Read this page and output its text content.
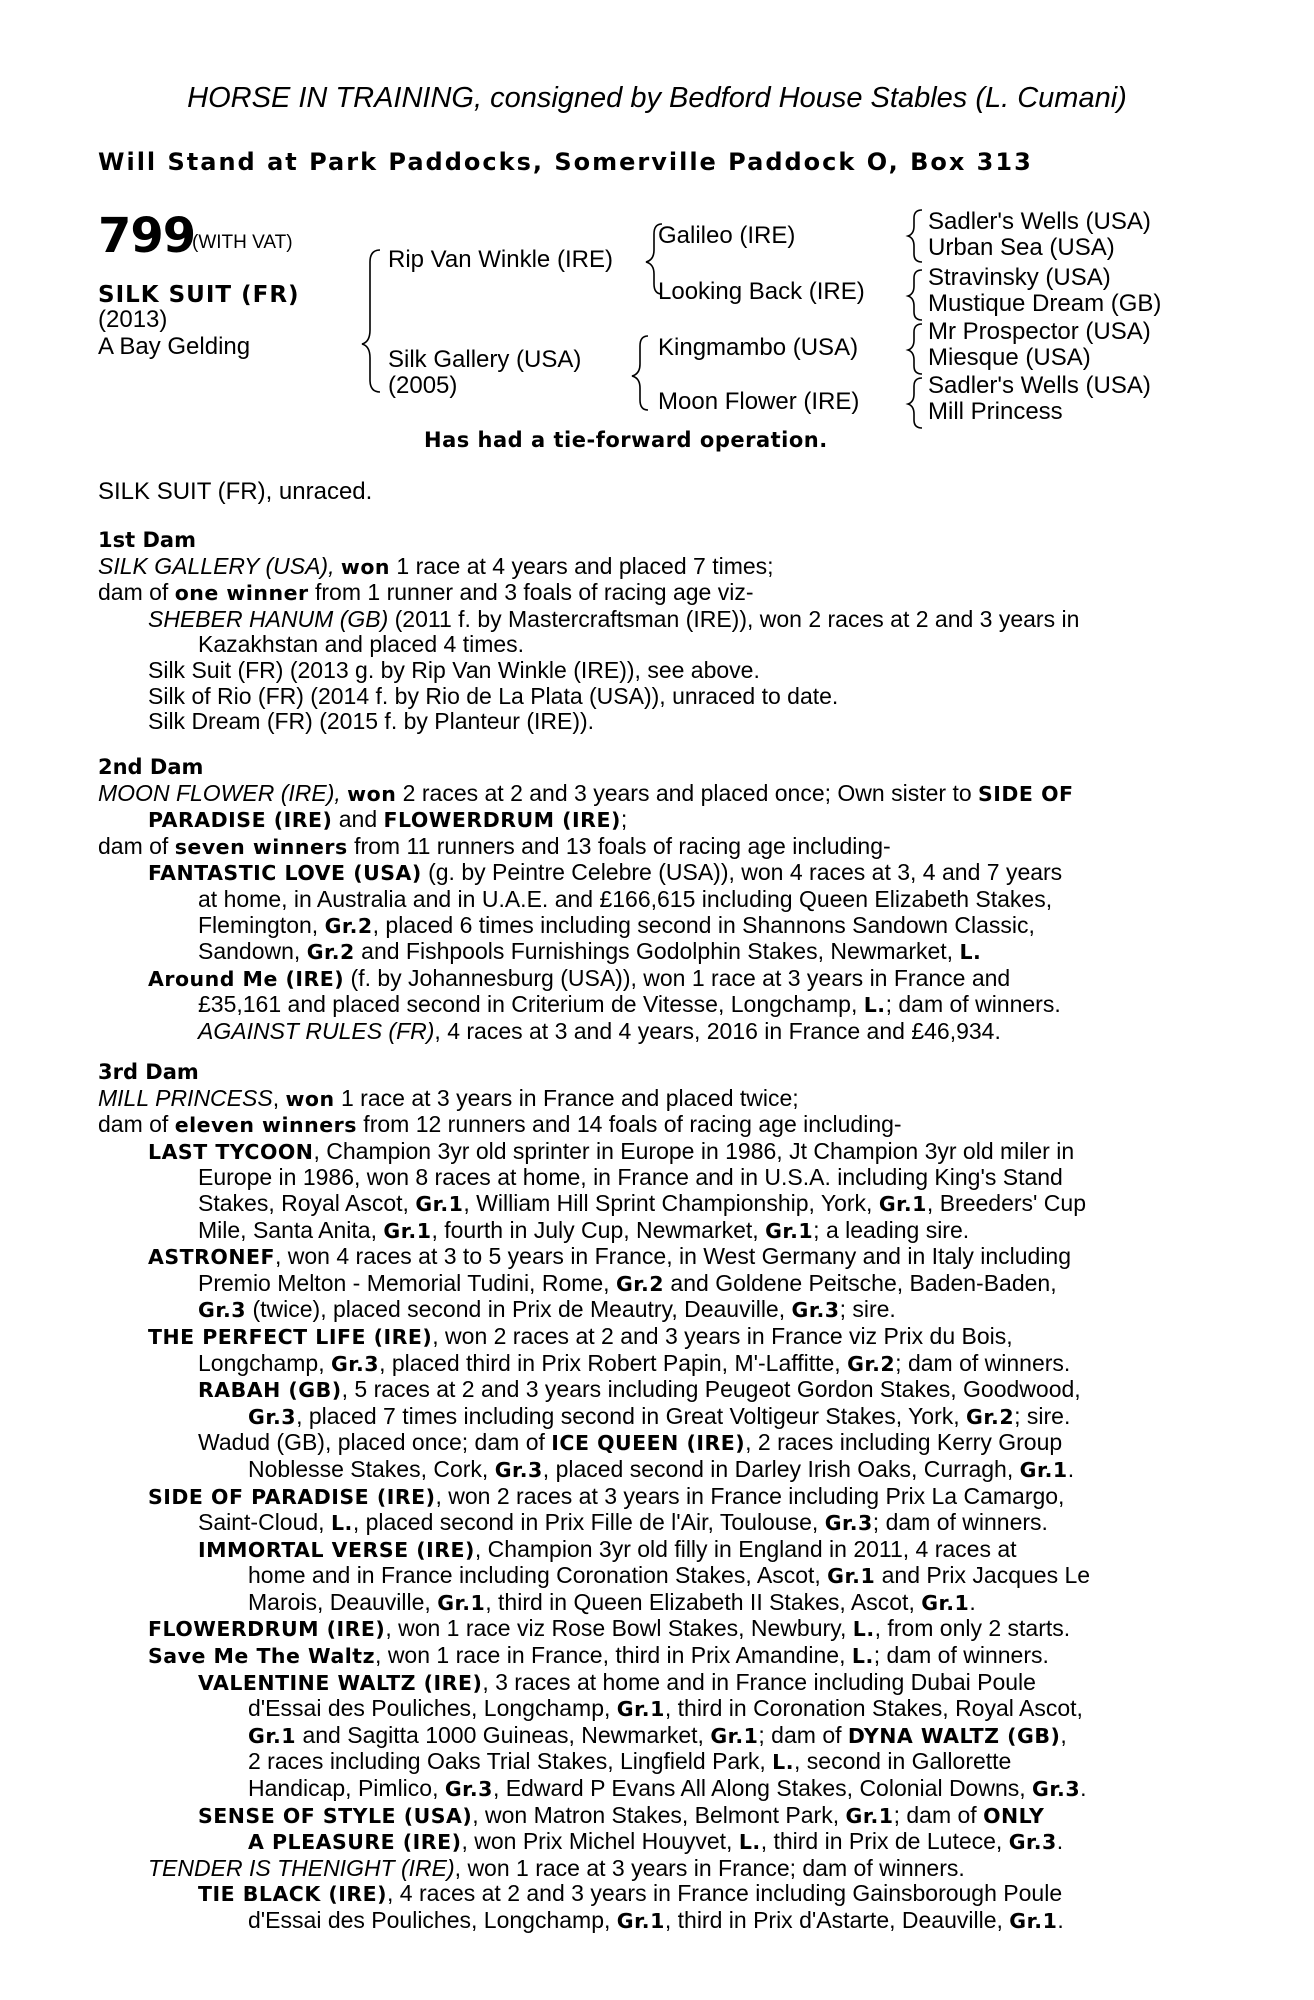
HORSE IN TRAINING, consigned by Bedford House Stables (L. Cumani)
Will Stand at Park Paddocks, Somerville Paddock O, Box 313
799
(WITH VAT)
SILK SUIT (FR)
(2013)
A Bay Gelding
Rip Van Winkle (IRE)
Silk Gallery (USA)
(2005)
Galileo (IRE)
Looking Back (IRE)
Kingmambo (USA)
Moon Flower (IRE)
Sadler's Wells (USA)
Urban Sea (USA)
Stravinsky (USA)
Mustique Dream (GB)
Mr Prospector (USA)
Miesque (USA)
Sadler's Wells (USA)
Mill Princess
Has had a tie-forward operation.
SILK SUIT (FR), unraced.

1st Dam

SILK GALLERY (USA), won 1 race at 4 years and placed 7 times;

dam of one winner from 1 runner and 3 foals of racing age viz-

SHEBER HANUM (GB) (2011 f. by Mastercraftsman (IRE)), won 2 races at 2 and 3 years in

Kazakhstan and placed 4 times.

Silk Suit (FR) (2013 g. by Rip Van Winkle (IRE)), see above.

Silk of Rio (FR) (2014 f. by Rio de La Plata (USA)), unraced to date.

Silk Dream (FR) (2015 f. by Planteur (IRE)).

2nd Dam

MOON FLOWER (IRE), won 2 races at 2 and 3 years and placed once; Own sister to SIDE OF

PARADISE (IRE) and FLOWERDRUM (IRE);

dam of seven winners from 11 runners and 13 foals of racing age including-

FANTASTIC LOVE (USA) (g. by Peintre Celebre (USA)), won 4 races at 3, 4 and 7 years

at home, in Australia and in U.A.E. and £166,615 including Queen Elizabeth Stakes,

Flemington, Gr.2, placed 6 times including second in Shannons Sandown Classic,

Sandown, Gr.2 and Fishpools Furnishings Godolphin Stakes, Newmarket, L.

Around Me (IRE) (f. by Johannesburg (USA)), won 1 race at 3 years in France and

£35,161 and placed second in Criterium de Vitesse, Longchamp, L.; dam of winners.

AGAINST RULES (FR), 4 races at 3 and 4 years, 2016 in France and £46,934.

3rd Dam

MILL PRINCESS, won 1 race at 3 years in France and placed twice;

dam of eleven winners from 12 runners and 14 foals of racing age including-

LAST TYCOON, Champion 3yr old sprinter in Europe in 1986, Jt Champion 3yr old miler in

Europe in 1986, won 8 races at home, in France and in U.S.A. including King's Stand

Stakes, Royal Ascot, Gr.1, William Hill Sprint Championship, York, Gr.1, Breeders' Cup

Mile, Santa Anita, Gr.1, fourth in July Cup, Newmarket, Gr.1; a leading sire.

ASTRONEF, won 4 races at 3 to 5 years in France, in West Germany and in Italy including

Premio Melton - Memorial Tudini, Rome, Gr.2 and Goldene Peitsche, Baden-Baden,

Gr.3 (twice), placed second in Prix de Meautry, Deauville, Gr.3; sire.

THE PERFECT LIFE (IRE), won 2 races at 2 and 3 years in France viz Prix du Bois,

Longchamp, Gr.3, placed third in Prix Robert Papin, M'-Laffitte, Gr.2; dam of winners.

RABAH (GB), 5 races at 2 and 3 years including Peugeot Gordon Stakes, Goodwood,

Gr.3, placed 7 times including second in Great Voltigeur Stakes, York, Gr.2; sire.

Wadud (GB), placed once; dam of ICE QUEEN (IRE), 2 races including Kerry Group

Noblesse Stakes, Cork, Gr.3, placed second in Darley Irish Oaks, Curragh, Gr.1.

SIDE OF PARADISE (IRE), won 2 races at 3 years in France including Prix La Camargo,

Saint-Cloud, L., placed second in Prix Fille de l'Air, Toulouse, Gr.3; dam of winners.

IMMORTAL VERSE (IRE), Champion 3yr old filly in England in 2011, 4 races at

home and in France including Coronation Stakes, Ascot, Gr.1 and Prix Jacques Le

Marois, Deauville, Gr.1, third in Queen Elizabeth II Stakes, Ascot, Gr.1.

FLOWERDRUM (IRE), won 1 race viz Rose Bowl Stakes, Newbury, L., from only 2 starts.

Save Me The Waltz, won 1 race in France, third in Prix Amandine, L.; dam of winners.

VALENTINE WALTZ (IRE), 3 races at home and in France including Dubai Poule

d'Essai des Pouliches, Longchamp, Gr.1, third in Coronation Stakes, Royal Ascot,

Gr.1 and Sagitta 1000 Guineas, Newmarket, Gr.1; dam of DYNA WALTZ (GB),

2 races including Oaks Trial Stakes, Lingfield Park, L., second in Gallorette

Handicap, Pimlico, Gr.3, Edward P Evans All Along Stakes, Colonial Downs, Gr.3.

SENSE OF STYLE (USA), won Matron Stakes, Belmont Park, Gr.1; dam of ONLY

A PLEASURE (IRE), won Prix Michel Houyvet, L., third in Prix de Lutece, Gr.3.

TENDER IS THENIGHT (IRE), won 1 race at 3 years in France; dam of winners.

TIE BLACK (IRE), 4 races at 2 and 3 years in France including Gainsborough Poule

d'Essai des Pouliches, Longchamp, Gr.1, third in Prix d'Astarte, Deauville, Gr.1.
